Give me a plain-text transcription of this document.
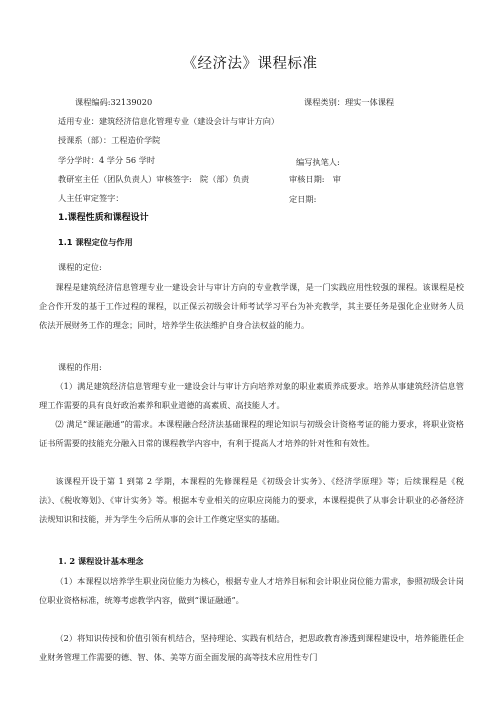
《经济法》课程标准
课程编码:32139020	课程类别：理实一体课程
适用专业：建筑经济信息化管理专业（建设会计与审计方向）
授课系（部）：工程造价学院
学分学时：4 学分 56 学时	编写执笔人:
教研室主任（团队负责人）审核签字: 院（部）负责	审核日期:　审
人主任审定签字：	定日期:
1.课程性质和课程设计
1.1 课程定位与作用
课程的定位:
课程是建筑经济信息管理专业一建设会计与审计方向的专业教学课，是一门实践应用性较强的课程。该课程是校企合作开发的基于工作过程的课程，以正保云初级会计师考试学习平台为补充教学，其主要任务是强化企业财务人员依法开展财务工作的理念；同时，培养学生依法维护自身合法权益的能力。
课程的作用:
（1）满足建筑经济信息管理专业一建设会计与审计方向培养对象的职业素质养成要求。培养从事建筑经济信息管理工作需要的具有良好政治素养和职业道德的高素质、高技能人才。
⑵ 满足“课证融通”的需求。本课程融合经济法基础课程的理论知识与初级会计资格考证的能力要求，将职业资格证书所需要的技能充分融入日常的课程教学内容中，有利于提高人才培养的针对性和有效性。
该课程开设于第 1 到第 2 学期，本课程的先修课程是《初级会计实务》、《经济学原理》等；后续课程是《税法》、《税收筹划》、《审计实务》等。根据本专业相关的应职应岗能力的要求，本课程提供了从事会计职业的必备经济法规知识和技能，并为学生今后所从事的会计工作奠定坚实的基础。
1. 2 课程设计基本理念
（1）本课程以培养学生职业岗位能力为核心，根据专业人才培养目标和会计职业岗位能力需求，参照初级会计岗位职业资格标准，统筹考虑教学内容，做到“课证融通”。
（2）将知识传授和价值引领有机结合，坚持理论、实践有机结合，把思政教育渗透到课程建设中，培养能胜任企业财务管理工作需要的德、智、体、美等方面全面发展的高等技术应用性专门
